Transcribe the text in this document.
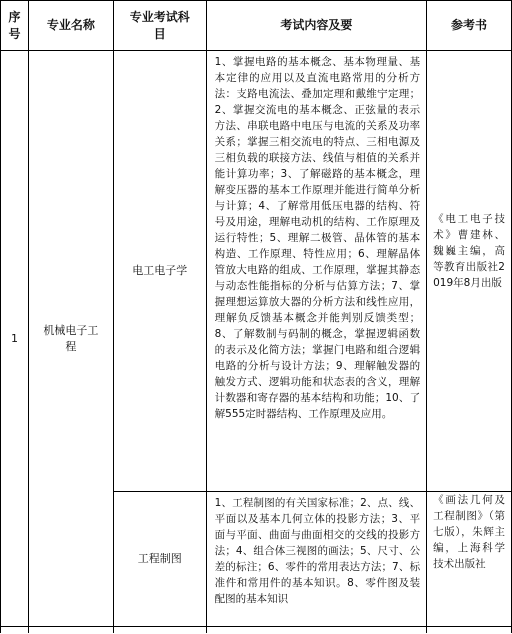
序号	专业名称	专业考试科目	考试内容及要	参考书
1	机械电子工程	电工电子学	1、掌握电路的基本概念、基本物理量、基本定律的应用以及直流电路常用的分析方法：支路电流法、叠加定理和戴维宁定理；2、掌握交流电的基本概念、正弦量的表示方法、串联电路中电压与电流的关系及功率关系；掌握三相交流电的特点、三相电源及三相负载的联接方法、线值与相值的关系并能计算功率；3、了解磁路的基本概念，理解变压器的基本工作原理并能进行简单分析与计算；4、了解常用低压电器的结构、符号及用途，理解电动机的结构、工作原理及运行特性；5、理解二极管、晶体管的基本构造、工作原理、特性应用；6、理解晶体管放大电路的组成、工作原理，掌握其静态与动态性能指标的分析与估算方法；7、掌握理想运算放大器的分析方法和线性应用，理解负反馈基本概念并能判别反馈类型；8、了解数制与码制的概念，掌握逻辑函数的表示及化简方法；掌握门电路和组合逻辑电路的分析与设计方法；9、理解触发器的触发方式、逻辑功能和状态表的含义，理解计数器和寄存器的基本结构和功能；10、了解555定时器结构、工作原理及应用。	《电工电子技术》曹建林、魏巍主编，高等教育出版社2019年8月出版
		工程制图	1、工程制图的有关国家标准；2、点、线、平面以及基本几何立体的投影方法；3、平面与平面、曲面与曲面相交的交线的投影方法；4、组合体三视图的画法；5、尺寸、公差的标注；6、零件的常用表达方法；7、标准件和常用件的基本知识。8、零件图及装配图的基本知识	《画法几何及工程制图》（第七版），朱辉主编，上海科学技术出版社
